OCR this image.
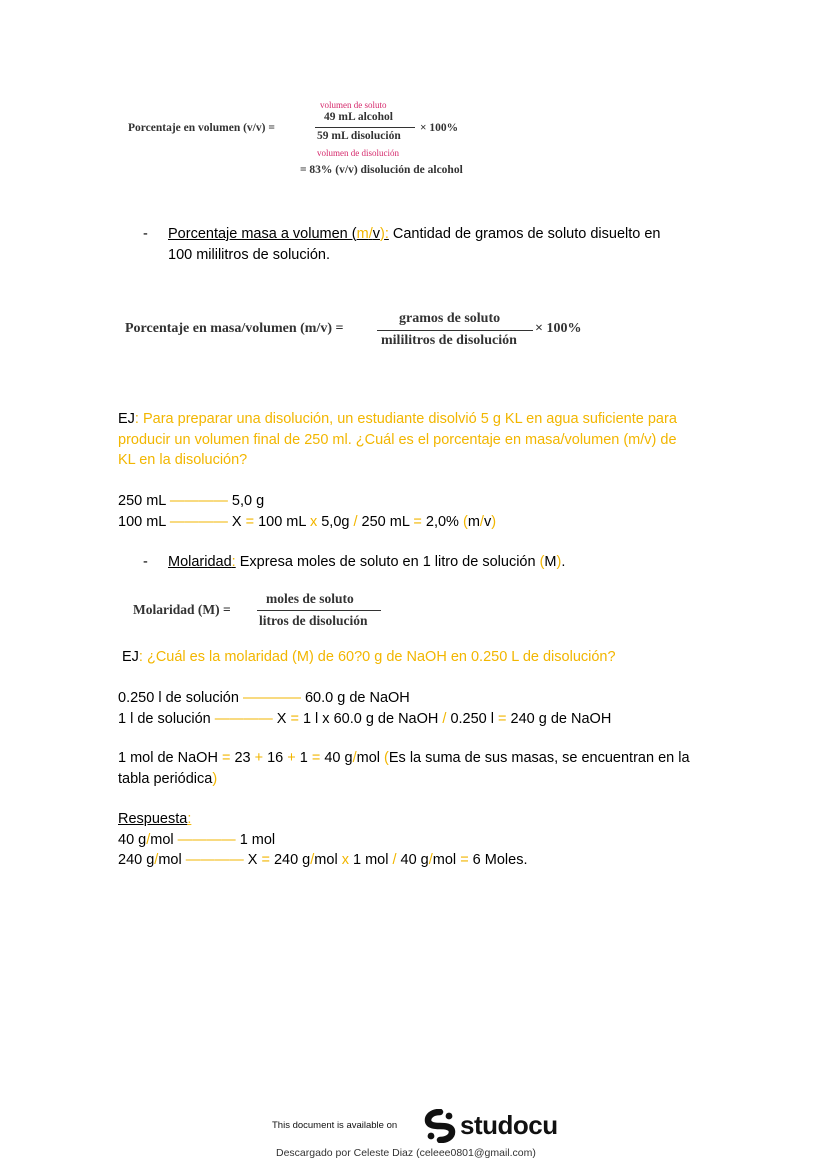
Porcentaje en volumen (v/v) =
volumen de soluto
49 mL alcohol
59 mL disolución
× 100%
volumen de disolución
= 83% (v/v) disolución de alcohol
- Porcentaje masa a volumen (m/v): Cantidad de gramos de soluto disuelto en
100 mililitros de solución.
Porcentaje en masa/volumen (m/v) =
gramos de soluto
mililitros de disolución
× 100%
EJ: Para preparar una disolución, un estudiante disolvió 5 g KL en agua suficiente para
producir un volumen final de 250 ml. ¿Cuál es el porcentaje en masa/volumen (m/v) de
KL en la disolución?
250 mL ———— 5,0 g
100 mL ———— X = 100 mL x 5,0g / 250 mL = 2,0% (m/v)
- Molaridad: Expresa moles de soluto en 1 litro de solución (M).
Molaridad (M) =
moles de soluto
litros de disolución
EJ: ¿Cuál es la molaridad (M) de 60?0 g de NaOH en 0.250 L de disolución?
0.250 l de solución ———— 60.0 g de NaOH
1 l de solución ———— X = 1 l x 60.0 g de NaOH / 0.250 l = 240 g de NaOH
1 mol de NaOH = 23 + 16 + 1 = 40 g/mol (Es la suma de sus masas, se encuentran en la
tabla periódica)
Respuesta:
40 g/mol ———— 1 mol
240 g/mol ———— X = 240 g/mol x 1 mol / 40 g/mol = 6 Moles.
This document is available on studocu
Descargado por Celeste Diaz (celeee0801@gmail.com)
